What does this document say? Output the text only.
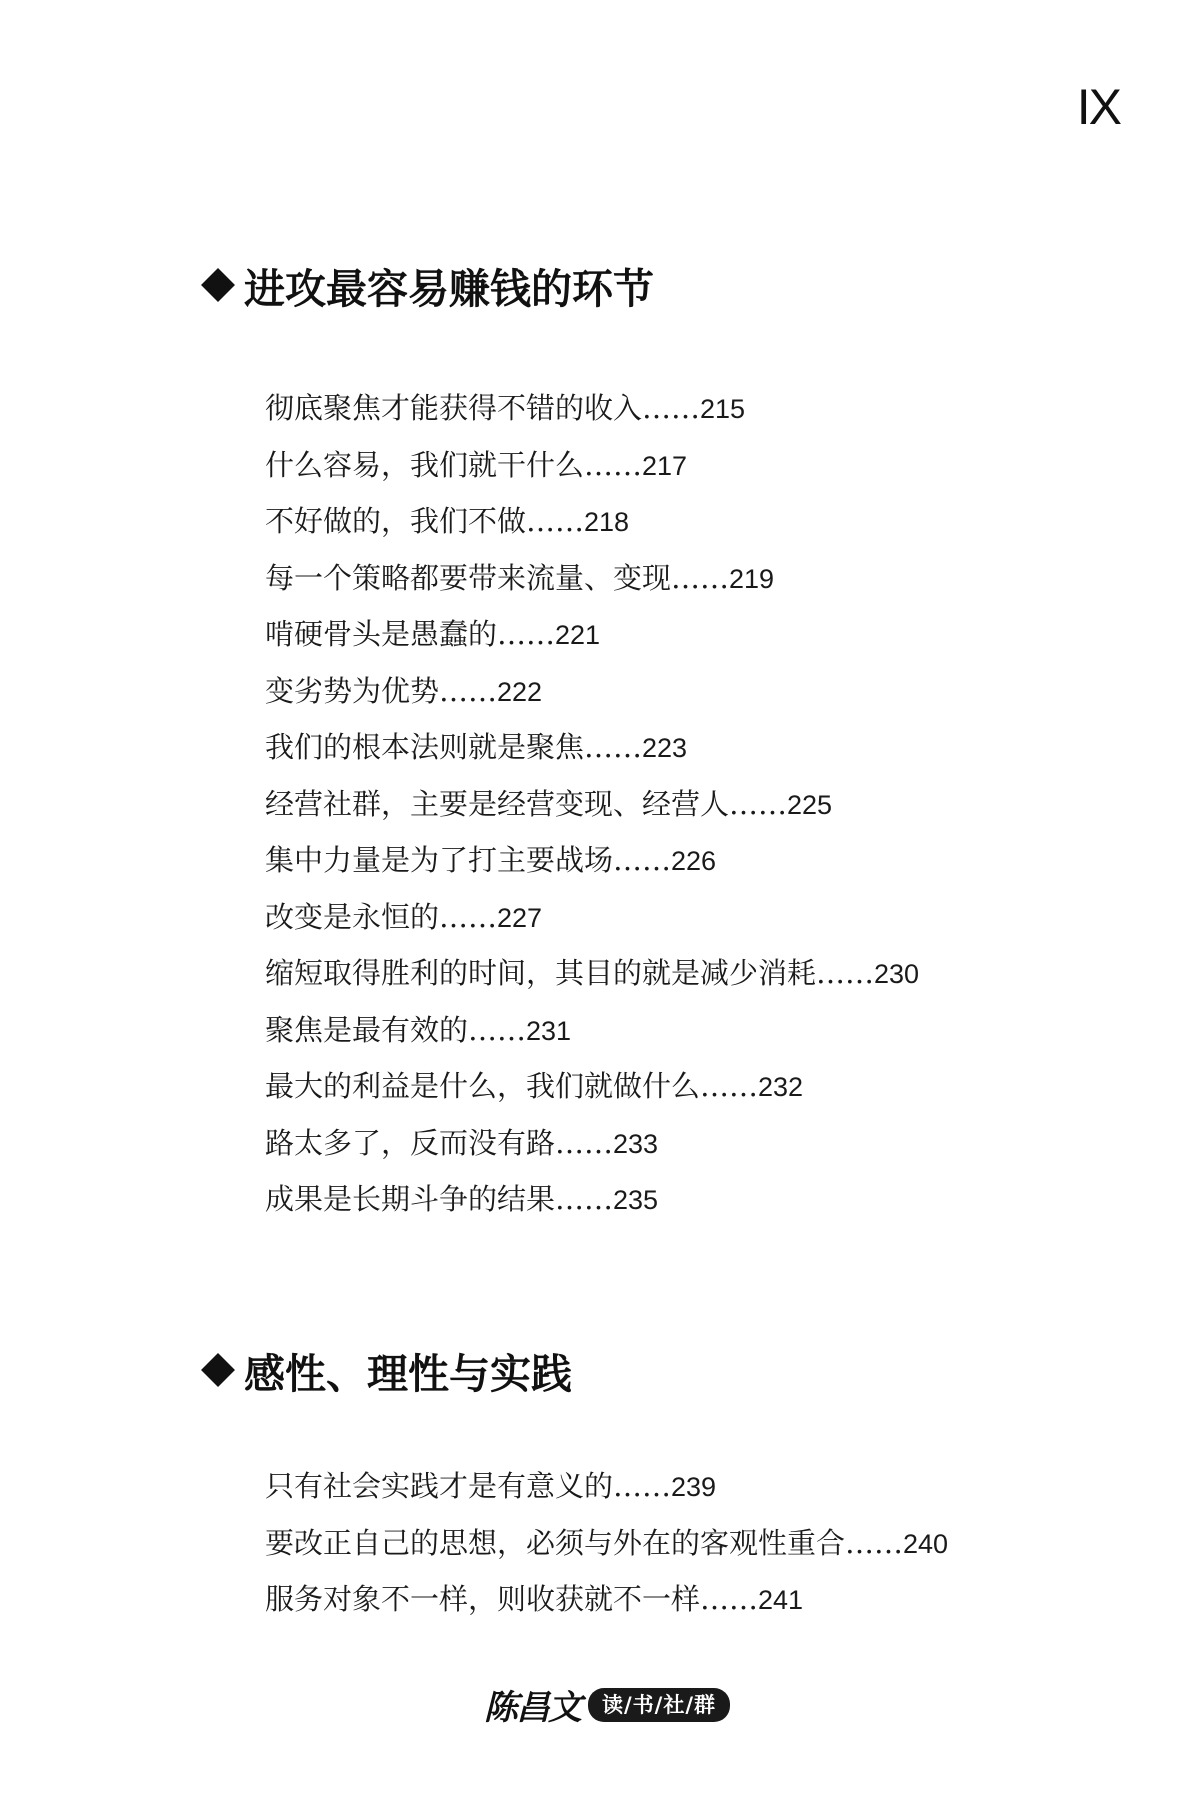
IX
进攻最容易赚钱的环节
彻底聚焦才能获得不错的收入……215
什么容易，我们就干什么……217
不好做的，我们不做……218
每一个策略都要带来流量、变现……219
啃硬骨头是愚蠢的……221
变劣势为优势……222
我们的根本法则就是聚焦……223
经营社群，主要是经营变现、经营人……225
集中力量是为了打主要战场……226
改变是永恒的……227
缩短取得胜利的时间，其目的就是减少消耗……230
聚焦是最有效的……231
最大的利益是什么，我们就做什么……232
路太多了，反而没有路……233
成果是长期斗争的结果……235
感性、理性与实践
只有社会实践才是有意义的……239
要改正自己的思想，必须与外在的客观性重合……240
服务对象不一样，则收获就不一样……241
陈昌文	读/书/社/群
